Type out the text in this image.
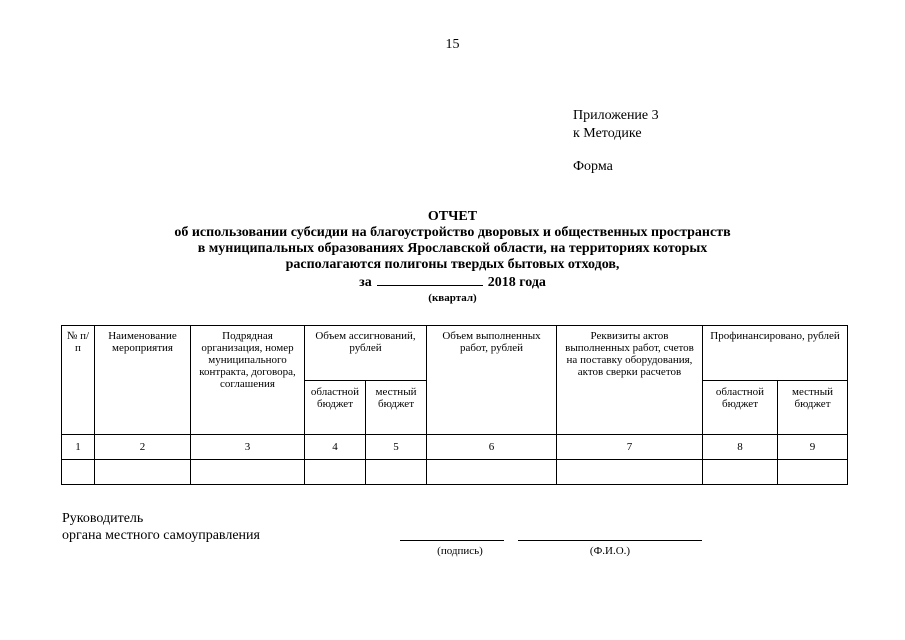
15
Приложение 3
к Методике
Форма
ОТЧЕТ
об использовании субсидии на благоустройство дворовых и общественных пространств
в муниципальных образованиях Ярославской области, на территориях которых
располагаются полигоны твердых бытовых отходов,
за	2018 года
(квартал)
№ п/п	Наименование мероприятия	Подрядная организация, номер муниципального контракта, договора, соглашения	Объем ассигнований, рублей		Объем выполненных работ, рублей	Реквизиты актов выполненных работ, счетов на поставку оборудования, актов сверки расчетов	Профинансировано, рублей	
			областной бюджет	местный бюджет			областной бюджет	местный бюджет
1	2	3	4	5	6	7	8	9

Руководитель
органа местного самоуправления
(подпись)	(Ф.И.О.)
